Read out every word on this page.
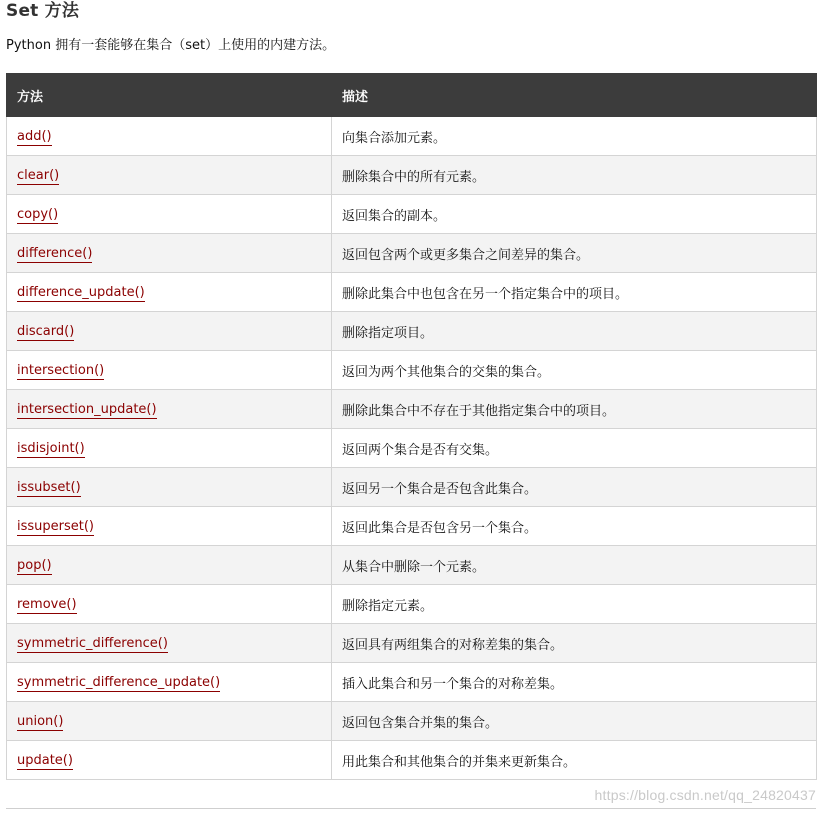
Set 方法
Python 拥有一套能够在集合（set）上使用的内建方法。
方法	描述
add()	向集合添加元素。
clear()	删除集合中的所有元素。
copy()	返回集合的副本。
difference()	返回包含两个或更多集合之间差异的集合。
difference_update()	删除此集合中也包含在另一个指定集合中的项目。
discard()	删除指定项目。
intersection()	返回为两个其他集合的交集的集合。
intersection_update()	删除此集合中不存在于其他指定集合中的项目。
isdisjoint()	返回两个集合是否有交集。
issubset()	返回另一个集合是否包含此集合。
issuperset()	返回此集合是否包含另一个集合。
pop()	从集合中删除一个元素。
remove()	删除指定元素。
symmetric_difference()	返回具有两组集合的对称差集的集合。
symmetric_difference_update()	插入此集合和另一个集合的对称差集。
union()	返回包含集合并集的集合。
update()	用此集合和其他集合的并集来更新集合。
https://blog.csdn.net/qq_24820437
